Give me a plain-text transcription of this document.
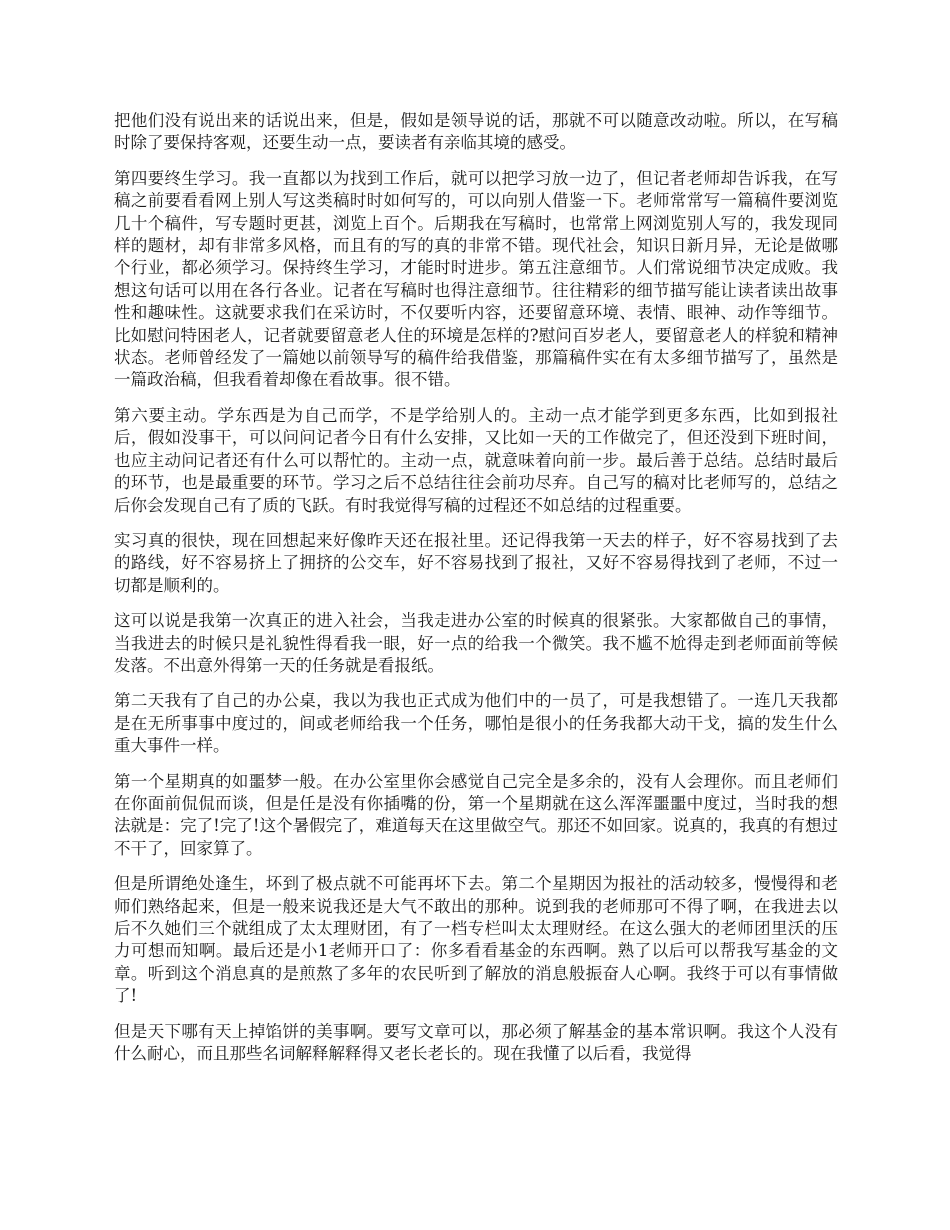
把他们没有说出来的话说出来，但是，假如是领导说的话，那就不可以随意改动啦。所以，在写稿时除了要保持客观，还要生动一点，要读者有亲临其境的感受。

第四要终生学习。我一直都以为找到工作后，就可以把学习放一边了，但记者老师却告诉我，在写稿之前要看看网上别人写这类稿时时如何写的，可以向别人借鉴一下。老师常常写一篇稿件要浏览几十个稿件，写专题时更甚，浏览上百个。后期我在写稿时，也常常上网浏览别人写的，我发现同样的题材，却有非常多风格，而且有的写的真的非常不错。现代社会，知识日新月异，无论是做哪个行业，都必须学习。保持终生学习，才能时时进步。第五注意细节。人们常说细节决定成败。我想这句话可以用在各行各业。记者在写稿时也得注意细节。往往精彩的细节描写能让读者读出故事性和趣味性。这就要求我们在采访时，不仅要听内容，还要留意环境、表情、眼神、动作等细节。比如慰问特困老人，记者就要留意老人住的环境是怎样的?慰问百岁老人，要留意老人的样貌和精神状态。老师曾经发了一篇她以前领导写的稿件给我借鉴，那篇稿件实在有太多细节描写了，虽然是一篇政治稿，但我看着却像在看故事。很不错。

第六要主动。学东西是为自己而学，不是学给别人的。主动一点才能学到更多东西，比如到报社后，假如没事干，可以问问记者今日有什么安排，又比如一天的工作做完了，但还没到下班时间，也应主动问记者还有什么可以帮忙的。主动一点，就意味着向前一步。最后善于总结。总结时最后的环节，也是最重要的环节。学习之后不总结往往会前功尽弃。自己写的稿对比老师写的，总结之后你会发现自己有了质的飞跃。有时我觉得写稿的过程还不如总结的过程重要。

实习真的很快，现在回想起来好像昨天还在报社里。还记得我第一天去的样子，好不容易找到了去的路线，好不容易挤上了拥挤的公交车，好不容易找到了报社，又好不容易得找到了老师，不过一切都是顺利的。

这可以说是我第一次真正的进入社会，当我走进办公室的时候真的很紧张。大家都做自己的事情，当我进去的时候只是礼貌性得看我一眼，好一点的给我一个微笑。我不尴不尬得走到老师面前等候发落。不出意外得第一天的任务就是看报纸。

第二天我有了自己的办公桌，我以为我也正式成为他们中的一员了，可是我想错了。一连几天我都是在无所事事中度过的，间或老师给我一个任务，哪怕是很小的任务我都大动干戈，搞的发生什么重大事件一样。

第一个星期真的如噩梦一般。在办公室里你会感觉自己完全是多余的，没有人会理你。而且老师们在你面前侃侃而谈，但是任是没有你插嘴的份，第一个星期就在这么浑浑噩噩中度过，当时我的想法就是：完了!完了!这个暑假完了，难道每天在这里做空气。那还不如回家。说真的，我真的有想过不干了，回家算了。

但是所谓绝处逢生，坏到了极点就不可能再坏下去。第二个星期因为报社的活动较多，慢慢得和老师们熟络起来，但是一般来说我还是大气不敢出的那种。说到我的老师那可不得了啊，在我进去以后不久她们三个就组成了太太理财团，有了一档专栏叫太太理财经。在这么强大的老师团里沃的压力可想而知啊。最后还是小1老师开口了：你多看看基金的东西啊。熟了以后可以帮我写基金的文章。听到这个消息真的是煎熬了多年的农民听到了解放的消息般振奋人心啊。我终于可以有事情做了!

但是天下哪有天上掉馅饼的美事啊。要写文章可以，那必须了解基金的基本常识啊。我这个人没有什么耐心，而且那些名词解释解释得又老长老长的。现在我懂了以后看，我觉得
